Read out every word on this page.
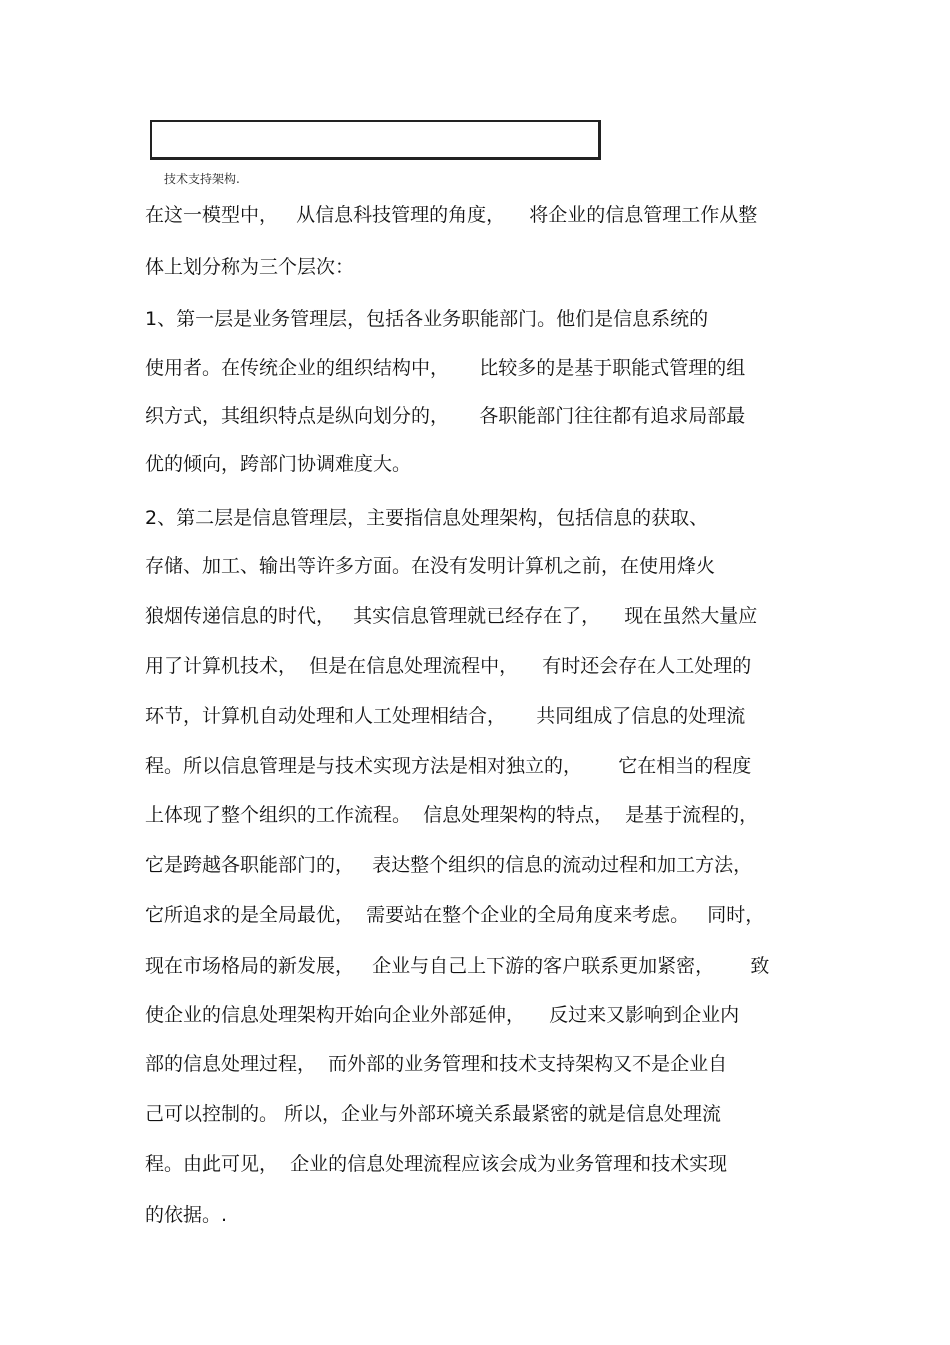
技术支持架构.
在这一模型中，   从信息科技管理的角度，    将企业的信息管理工作从整
体上划分称为三个层次：
1、第一层是业务管理层，包括各业务职能部门。他们是信息系统的
使用者。在传统企业的组织结构中，     比较多的是基于职能式管理的组
织方式，其组织特点是纵向划分的，     各职能部门往往都有追求局部最
优的倾向，跨部门协调难度大。
2、第二层是信息管理层，主要指信息处理架构，包括信息的获取、
存储、加工、输出等许多方面。在没有发明计算机之前，在使用烽火
狼烟传递信息的时代，   其实信息管理就已经存在了，    现在虽然大量应
用了计算机技术，  但是在信息处理流程中，    有时还会存在人工处理的
环节，计算机自动处理和人工处理相结合，     共同组成了信息的处理流
程。所以信息管理是与技术实现方法是相对独立的，      它在相当的程度
上体现了整个组织的工作流程。  信息处理架构的特点，  是基于流程的，
它是跨越各职能部门的，   表达整个组织的信息的流动过程和加工方法，
它所追求的是全局最优，  需要站在整个企业的全局角度来考虑。   同时，
现在市场格局的新发展，   企业与自己上下游的客户联系更加紧密，      致
使企业的信息处理架构开始向企业外部延伸，    反过来又影响到企业内
部的信息处理过程，  而外部的业务管理和技术支持架构又不是企业自
己可以控制的。 所以，企业与外部环境关系最紧密的就是信息处理流
程。由此可见，  企业的信息处理流程应该会成为业务管理和技术实现
的依据。.
